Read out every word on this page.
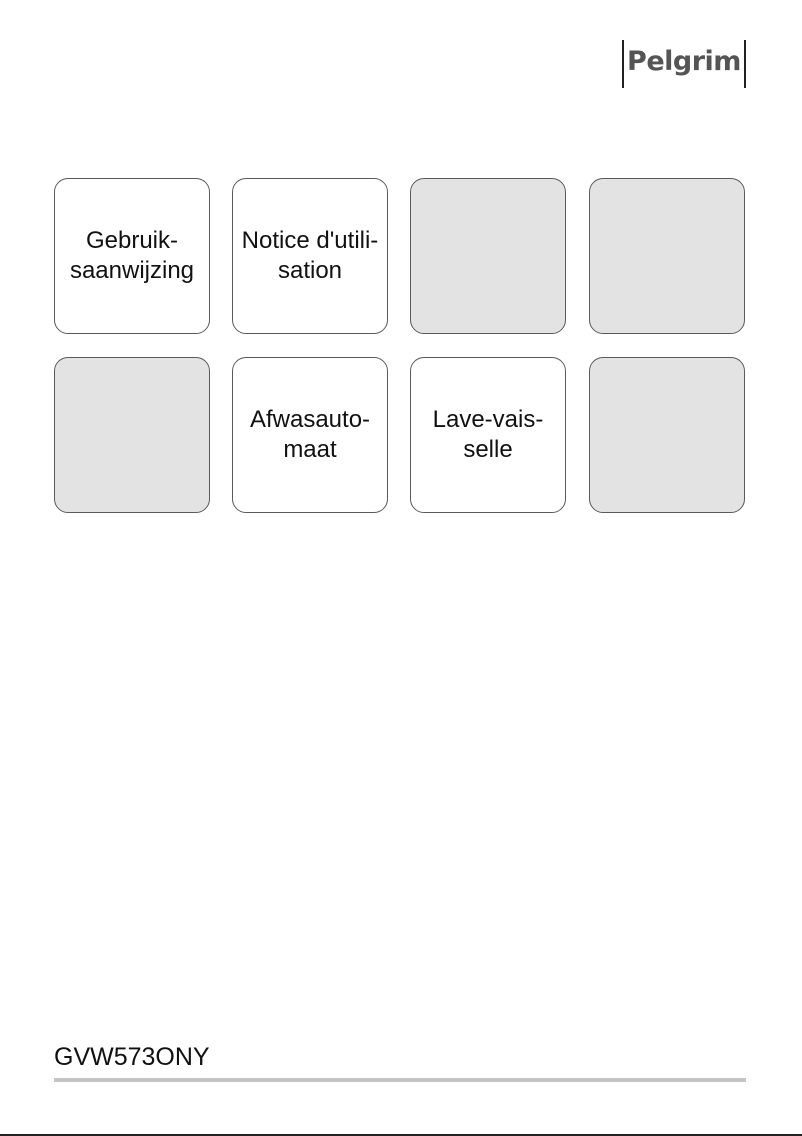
Pelgrim
Gebruik-
saanwijzing
Notice d'utili-
sation
Afwasauto-
maat
Lave-vais-
selle
GVW573ONY
